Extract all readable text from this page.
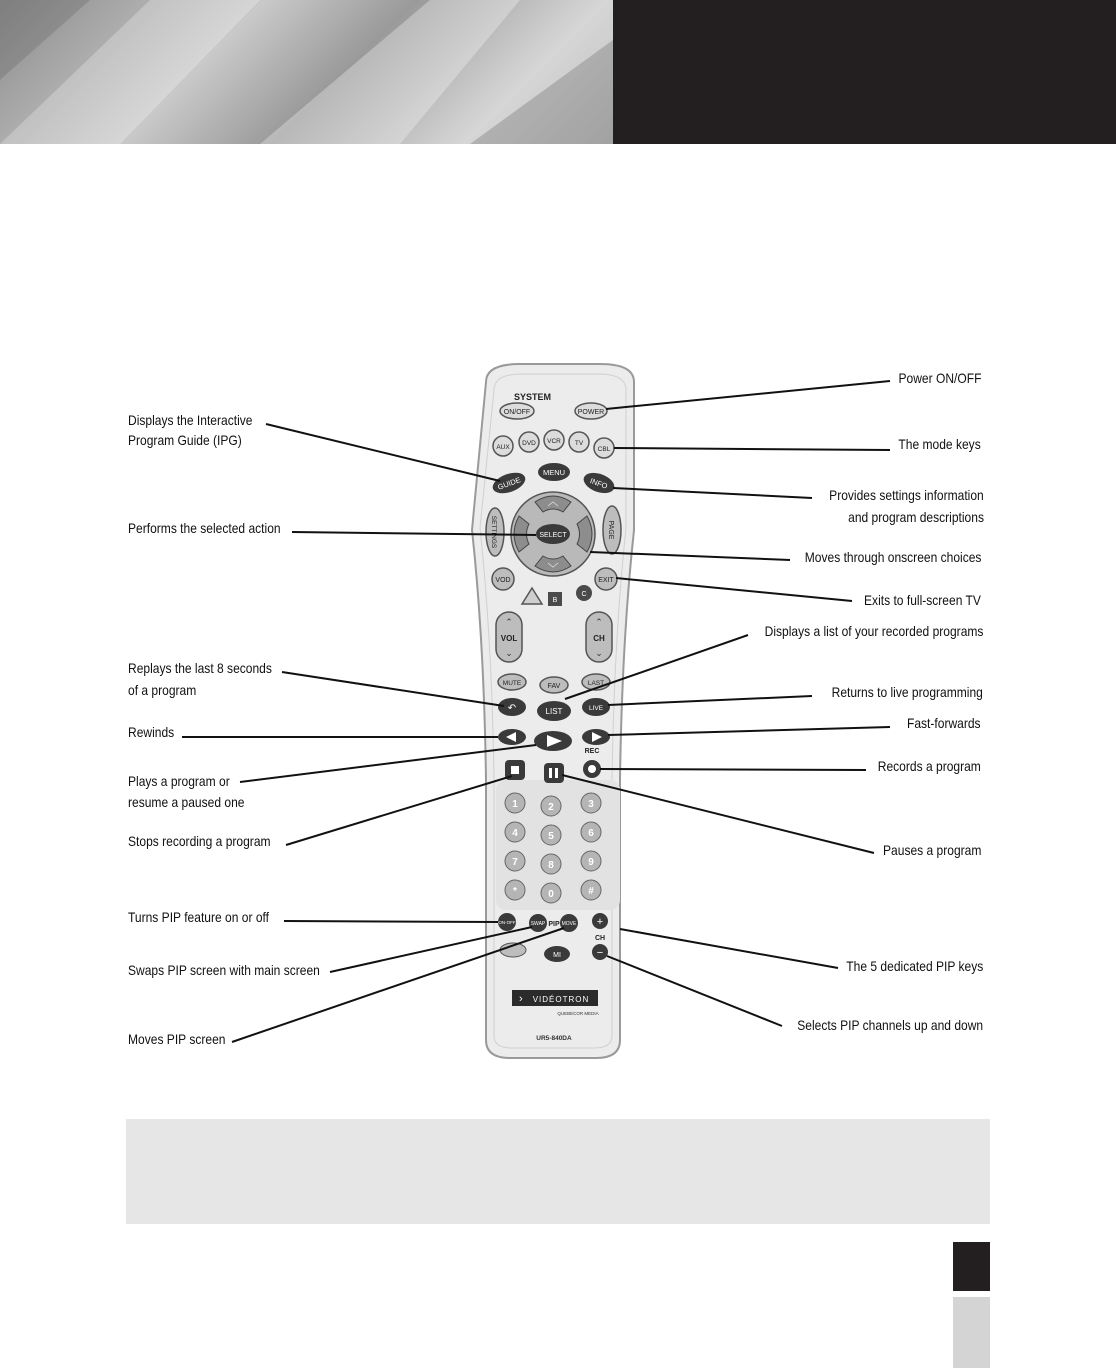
SYSTEM
ON/OFF	POWER
AUX
DVD VCR TV
CBL
GUIDE
MENU
INFO
SETTINGS	PAGE
︿
﹀
SELECT
VOD	EXIT
B
C
⌃
VOL
⌄
⌃
CH
⌄
MUTE	FAV	LAST
↶	LIST	LIVE
REC
1	2	3
4	5	6
7	8	9
*	0	#
ON-OFF	SWAP PIP MOVE +
CH
−
MI
› VIDÉOTRON
QUEBECOR MEDIA
UR5-840DA
Power ON/OFF
Displays the Interactive
Program Guide (IPG)	The mode keys
Provides settings information
and program descriptions
Performs the selected action
Moves through onscreen choices
Exits to full-screen TV
Displays a list of your recorded programs
Replays the last 8 seconds
of a program	Returns to live programming
Fast-forwards
Rewinds
Records a program
Plays a program or
resume a paused one
Stops recording a program
Pauses a program
Turns PIP feature on or off
The 5 dedicated PIP keys
Swaps PIP screen with main screen
Selects PIP channels up and down
Moves PIP screen
